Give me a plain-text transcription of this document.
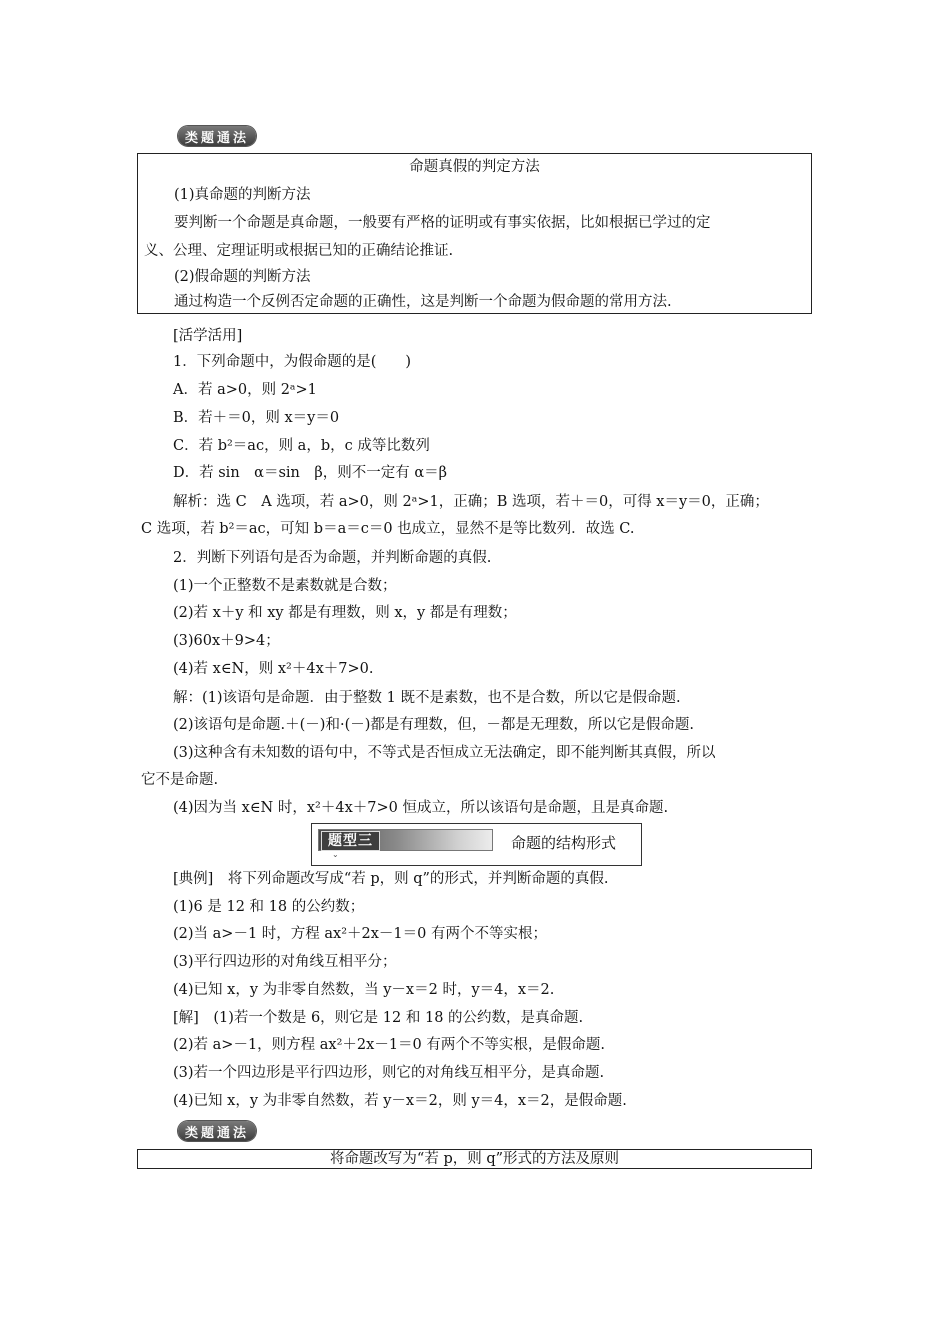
类题通法
命题真假的判定方法
(1)真命题的判断方法
要判断一个命题是真命题，一般要有严格的证明或有事实依据，比如根据已学过的定
义、公理、定理证明或根据已知的正确结论推证.
(2)假命题的判断方法
通过构造一个反例否定命题的正确性，这是判断一个命题为假命题的常用方法.
[活学活用]
1．下列命题中，为假命题的是(　　)
A．若 a>0，则 2ᵃ>1
B．若＋＝0，则 x＝y＝0
C．若 b²＝ac，则 a，b，c 成等比数列
D．若 sin　α＝sin　β，则不一定有 α＝β
解析：选 C　A 选项，若 a>0，则 2ᵃ>1，正确；B 选项，若＋＝0，可得 x＝y＝0，正确；
C 选项，若 b²＝ac，可知 b＝a＝c＝0 也成立，显然不是等比数列．故选 C.
2．判断下列语句是否为命题，并判断命题的真假.
(1)一个正整数不是素数就是合数；
(2)若 x＋y 和 xy 都是有理数，则 x，y 都是有理数；
(3)60x＋9>4；
(4)若 x∈N，则 x²＋4x＋7>0.
解：(1)该语句是命题．由于整数 1 既不是素数，也不是合数，所以它是假命题.
(2)该语句是命题.＋(－)和·(－)都是有理数，但，－都是无理数，所以它是假命题.
(3)这种含有未知数的语句中，不等式是否恒成立无法确定，即不能判断其真假，所以
它不是命题.
(4)因为当 x∈N 时，x²＋4x＋7>0 恒成立，所以该语句是命题，且是真命题.
题型三
⌄
命题的结构形式
[典例]　将下列命题改写成“若 p，则 q”的形式，并判断命题的真假.
(1)6 是 12 和 18 的公约数；
(2)当 a>－1 时，方程 ax²＋2x－1＝0 有两个不等实根；
(3)平行四边形的对角线互相平分；
(4)已知 x，y 为非零自然数，当 y－x＝2 时，y＝4，x＝2.
[解]　(1)若一个数是 6，则它是 12 和 18 的公约数，是真命题.
(2)若 a>－1，则方程 ax²＋2x－1＝0 有两个不等实根，是假命题.
(3)若一个四边形是平行四边形，则它的对角线互相平分，是真命题.
(4)已知 x，y 为非零自然数，若 y－x＝2，则 y＝4，x＝2，是假命题.
类题通法
将命题改写为“若 p，则 q”形式的方法及原则
